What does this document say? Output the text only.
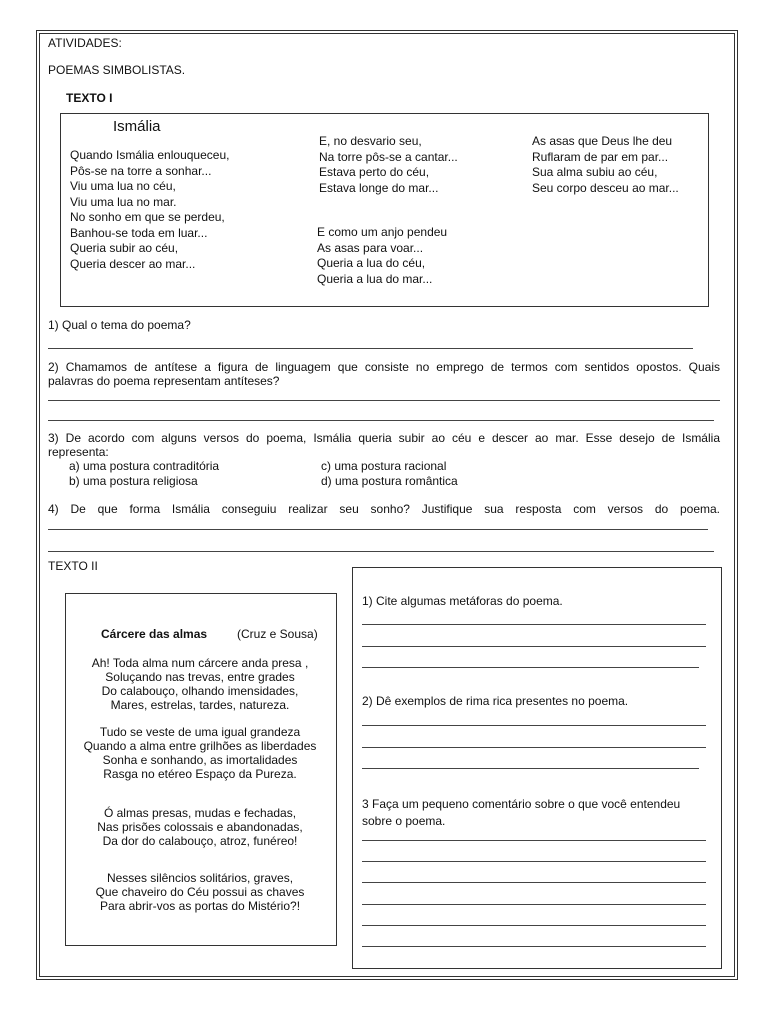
ATIVIDADES:
POEMAS SIMBOLISTAS.
TEXTO I
Ismália
Quando Ismália enlouqueceu,
Pôs-se na torre a sonhar...
Viu uma lua no céu,
Viu uma lua no mar.
No sonho em que se perdeu,
Banhou-se toda em luar...
Queria subir ao céu,
Queria descer ao mar...
E, no desvario seu,
Na torre pôs-se a cantar...
Estava perto do céu,
Estava longe do mar...
E como um anjo pendeu
As asas para voar...
Queria a lua do céu,
Queria a lua do mar...
As asas que Deus lhe deu
Ruflaram de par em par...
Sua alma subiu ao céu,
Seu corpo desceu ao mar...
1) Qual o tema do poema?
2) Chamamos de antítese a figura de linguagem que consiste no emprego de termos com sentidos opostos. Quais
palavras do poema representam antíteses?
3) De acordo com alguns versos do poema, Ismália queria subir ao céu e descer ao mar. Esse desejo de Ismália
representa:
a) uma postura contraditória
b) uma postura religiosa
c) uma postura racional
d) uma postura romântica
4) De que forma Ismália conseguiu realizar seu sonho? Justifique sua resposta com versos do poema.
TEXTO II
Cárcere das almas (Cruz e Sousa)
Ah! Toda alma num cárcere anda presa ,
Soluçando nas trevas, entre grades
Do calabouço, olhando imensidades,
Mares, estrelas, tardes, natureza.
Tudo se veste de uma igual grandeza
Quando a alma entre grilhões as liberdades
Sonha e sonhando, as imortalidades
Rasga no etéreo Espaço da Pureza.
Ó almas presas, mudas e fechadas,
Nas prisões colossais e abandonadas,
Da dor do calabouço, atroz, funéreo!
Nesses silêncios solitários, graves,
Que chaveiro do Céu possui as chaves
Para abrir-vos as portas do Mistério?!
1) Cite algumas metáforas do poema.
2) Dê exemplos de rima rica presentes no poema.
3 Faça um pequeno comentário sobre o que você entendeu
sobre o poema.
